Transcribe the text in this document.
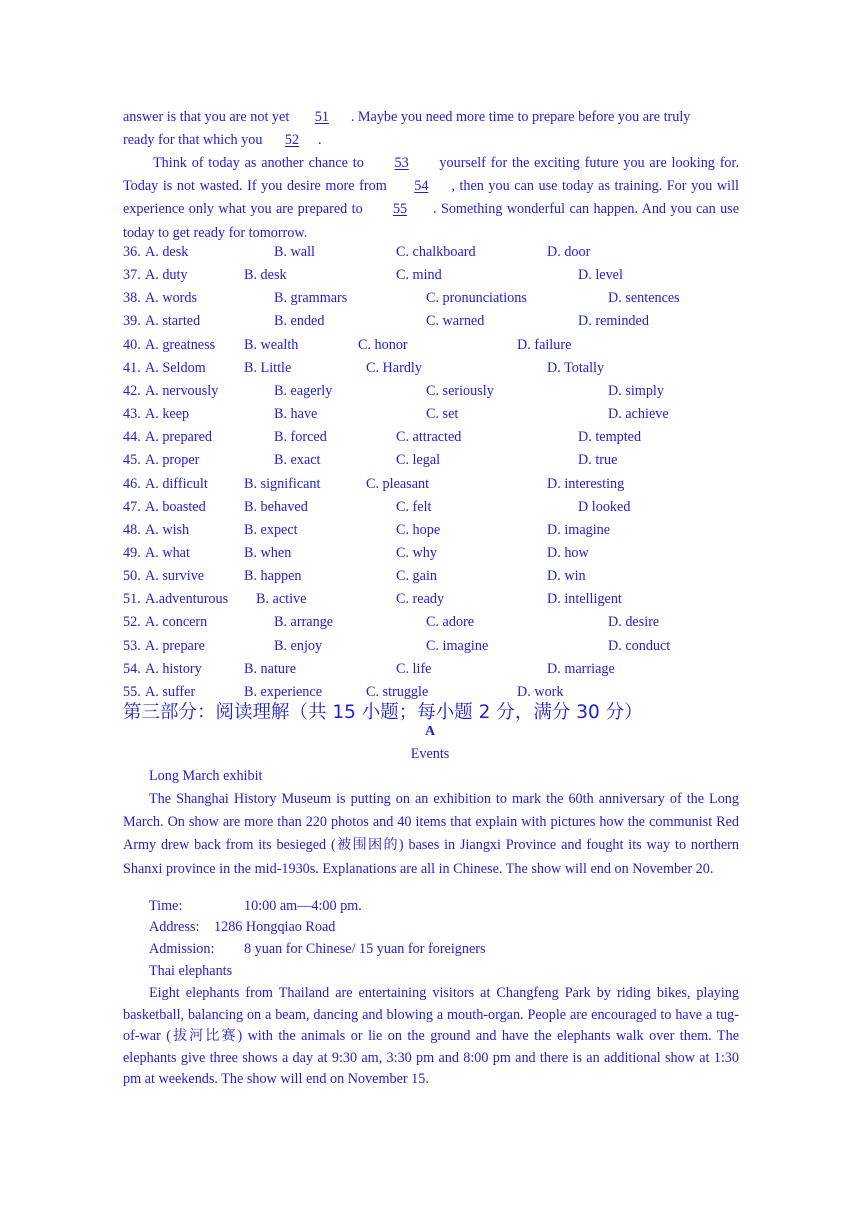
answer is that you are not yet 51 . Maybe you need more time to prepare before you are truly
ready for that which you 52 .
Think of today as another chance to 53 yourself for the exciting future you are looking for. Today is not wasted. If you desire more from 54 , then you can use today as training. For you will experience only what you are prepared to 55 . Something wonderful can happen. And you can use today to get ready for tomorrow.
36. A. desk	B. wall	C. chalkboard	D. door
37. A. duty	B. desk	C. mind	D. level
38. A. words	B. grammars	C. pronunciations	D. sentences
39. A. started	B. ended	C. warned	D. reminded
40. A. greatness B. wealth	C. honor	D. failure
41. A. Seldom	B. Little	C. Hardly	D. Totally
42. A. nervously	B. eagerly	C. seriously	D. simply
43. A. keep	B. have	C. set	D. achieve
44. A. prepared	B. forced	C. attracted	D. tempted
45. A. proper	B. exact	C. legal	D. true
46. A. difficult	B. significant	C. pleasant	D. interesting
47. A. boasted	B. behaved	C. felt	D looked
48. A. wish	B. expect	C. hope	D. imagine
49. A. what	B. when	C. why	D. how
50. A. survive	B. happen	C. gain	D. win
51. A.adventurous B. active	C. ready	D. intelligent
52. A. concern	B. arrange	C. adore	D. desire
53. A. prepare	B. enjoy	C. imagine	D. conduct
54. A. history	B. nature	C. life	D. marriage
55. A. suffer	B. experience	C. struggle	D. work
第三部分：阅读理解（共 15 小题；每小题 2 分，满分 30 分）
A
Events
Long March exhibit
The Shanghai History Museum is putting on an exhibition to mark the 60th anniversary of the Long March. On show are more than 220 photos and 40 items that explain with pictures how the communist Red Army drew back from its besieged (被围困的) bases in Jiangxi Province and fought its way to northern Shanxi province in the mid-1930s. Explanations are all in Chinese. The show will end on November 20.
Time:	10:00 am—4:00 pm.
Address: 1286 Hongqiao Road
Admission: 8 yuan for Chinese/ 15 yuan for foreigners
Thai elephants
Eight elephants from Thailand are entertaining visitors at Changfeng Park by riding bikes, playing basketball, balancing on a beam, dancing and blowing a mouth-organ. People are encouraged to have a tug-of-war (拔河比赛) with the animals or lie on the ground and have the elephants walk over them. The elephants give three shows a day at 9:30 am, 3:30 pm and 8:00 pm and there is an additional show at 1:30 pm at weekends. The show will end on November 15.
